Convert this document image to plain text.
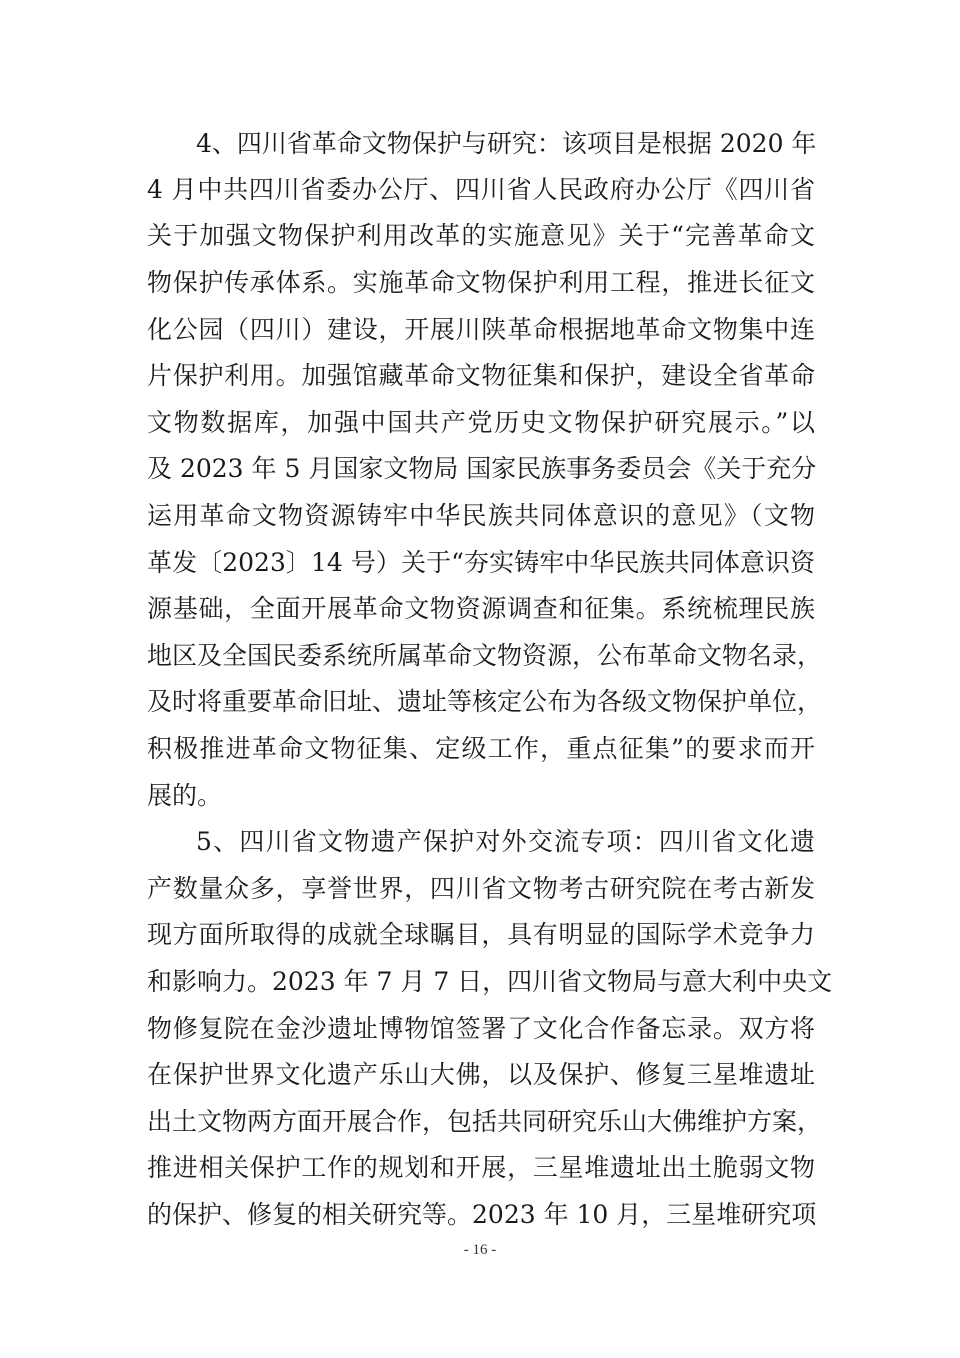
4、四川省革命文物保护与研究：该项目是根据 2020 年
4 月中共四川省委办公厅、四川省人民政府办公厅《四川省
关于加强文物保护利用改革的实施意见》关于“完善革命文
物保护传承体系。实施革命文物保护利用工程，推进长征文
化公园（四川）建设，开展川陕革命根据地革命文物集中连
片保护利用。加强馆藏革命文物征集和保护，建设全省革命
文物数据库，加强中国共产党历史文物保护研究展示。”以
及 2023 年 5 月国家文物局 国家民族事务委员会《关于充分
运用革命文物资源铸牢中华民族共同体意识的意见》（文物
革发〔2023〕14 号）关于“夯实铸牢中华民族共同体意识资
源基础，全面开展革命文物资源调查和征集。系统梳理民族
地区及全国民委系统所属革命文物资源，公布革命文物名录，
及时将重要革命旧址、遗址等核定公布为各级文物保护单位，
积极推进革命文物征集、定级工作，重点征集”的要求而开
展的。
5、四川省文物遗产保护对外交流专项：四川省文化遗
产数量众多，享誉世界，四川省文物考古研究院在考古新发
现方面所取得的成就全球瞩目，具有明显的国际学术竞争力
和影响力。2023 年 7 月 7 日，四川省文物局与意大利中央文
物修复院在金沙遗址博物馆签署了文化合作备忘录。双方将
在保护世界文化遗产乐山大佛，以及保护、修复三星堆遗址
出土文物两方面开展合作，包括共同研究乐山大佛维护方案，
推进相关保护工作的规划和开展，三星堆遗址出土脆弱文物
的保护、修复的相关研究等。2023 年 10 月，三星堆研究项
- 16 -
